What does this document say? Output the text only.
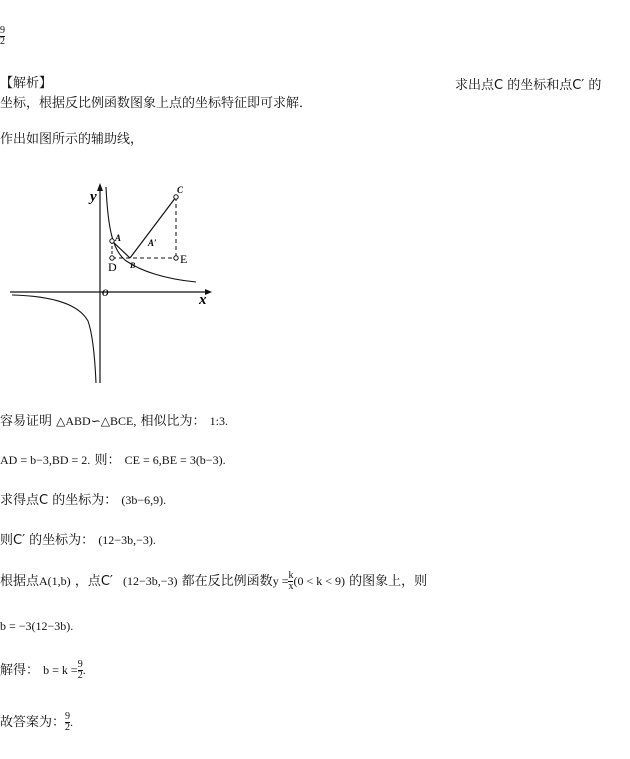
$\frac{9}{2}$
【解析】	求出点C 的坐标和点C′ 的
坐标，根据反比例函数图象上点的坐标特征即可求解．
作出如图所示的辅助线，
y
x
O
A
D B
C
E
A′
容易证明 △ABD∽△BCE, 相似比为： 1:3.
AD = b−3,BD = 2. 则： CE = 6,BE = 3(b−3).
求得点C 的坐标为： (3b−6,9).
则C′ 的坐标为： (12−3b,−3).
根据点A(1,b) ，点C′ (12−3b,−3) 都在反比例函数$y = \frac{k}{x} (0 < k < 9)$ 的图象上，则
b = −3(12−3b).
解得： $b = k = \frac{9}{2}$ .
故答案为： $\frac{9}{2}$ .
